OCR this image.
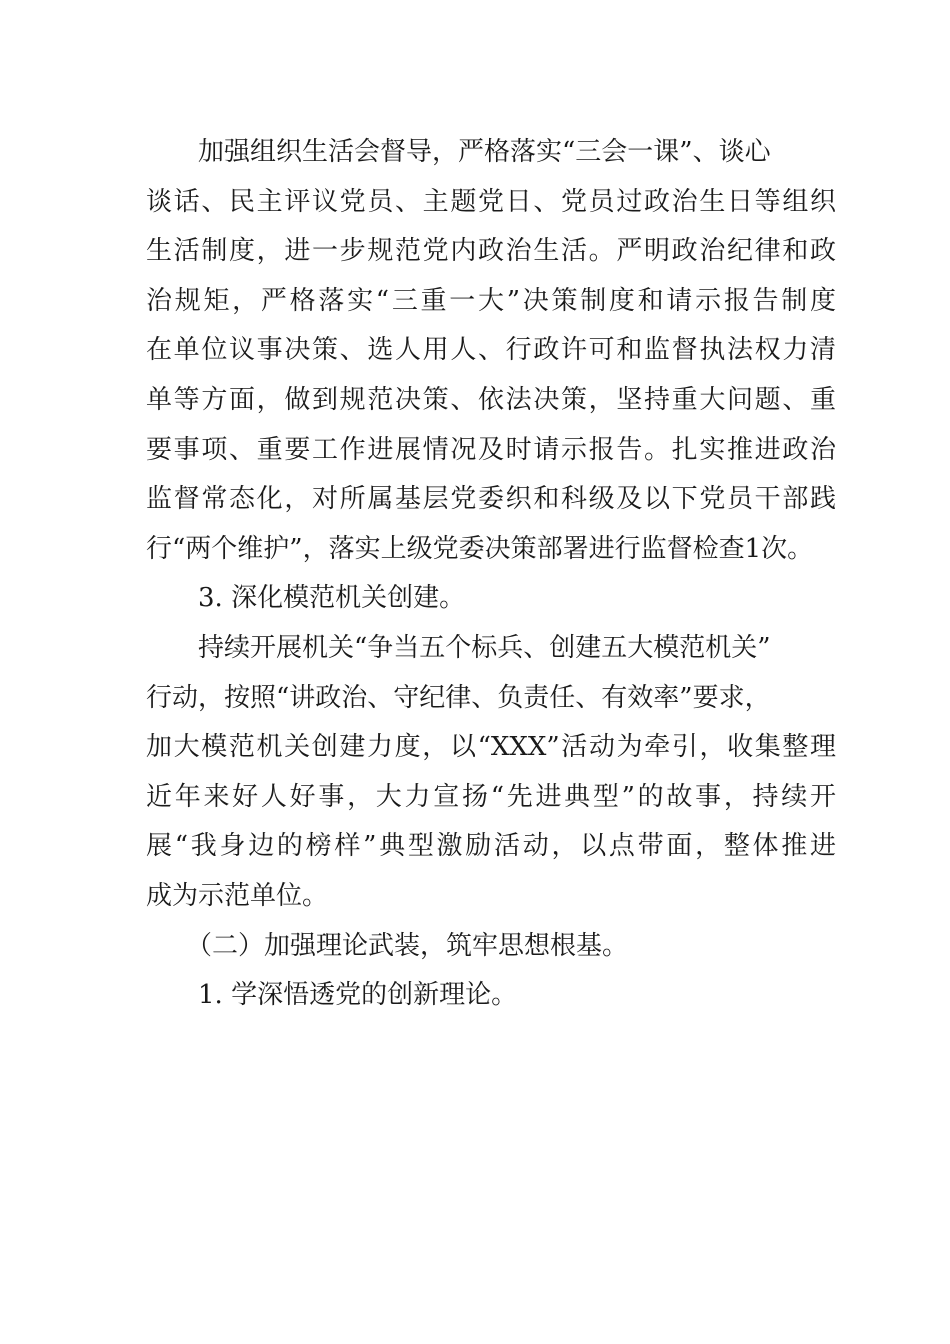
加强组织生活会督导，严格落实“三会一课”、谈心
谈话、民主评议党员、主题党日、党员过政治生日等组织
生活制度，进一步规范党内政治生活。严明政治纪律和政
治规矩，严格落实“三重一大”决策制度和请示报告制度
在单位议事决策、选人用人、行政许可和监督执法权力清
单等方面，做到规范决策、依法决策，坚持重大问题、重
要事项、重要工作进展情况及时请示报告。扎实推进政治
监督常态化，对所属基层党委织和科级及以下党员干部践
行“两个维护”，落实上级党委决策部署进行监督检查1次。
3. 深化模范机关创建。
持续开展机关“争当五个标兵、创建五大模范机关”
行动，按照“讲政治、守纪律、负责任、有效率”要求，
加大模范机关创建力度，以“XXX”活动为牵引，收集整理
近年来好人好事，大力宣扬“先进典型”的故事，持续开
展“我身边的榜样”典型激励活动，以点带面，整体推进
成为示范单位。
（二）加强理论武装，筑牢思想根基。
1. 学深悟透党的创新理论。
